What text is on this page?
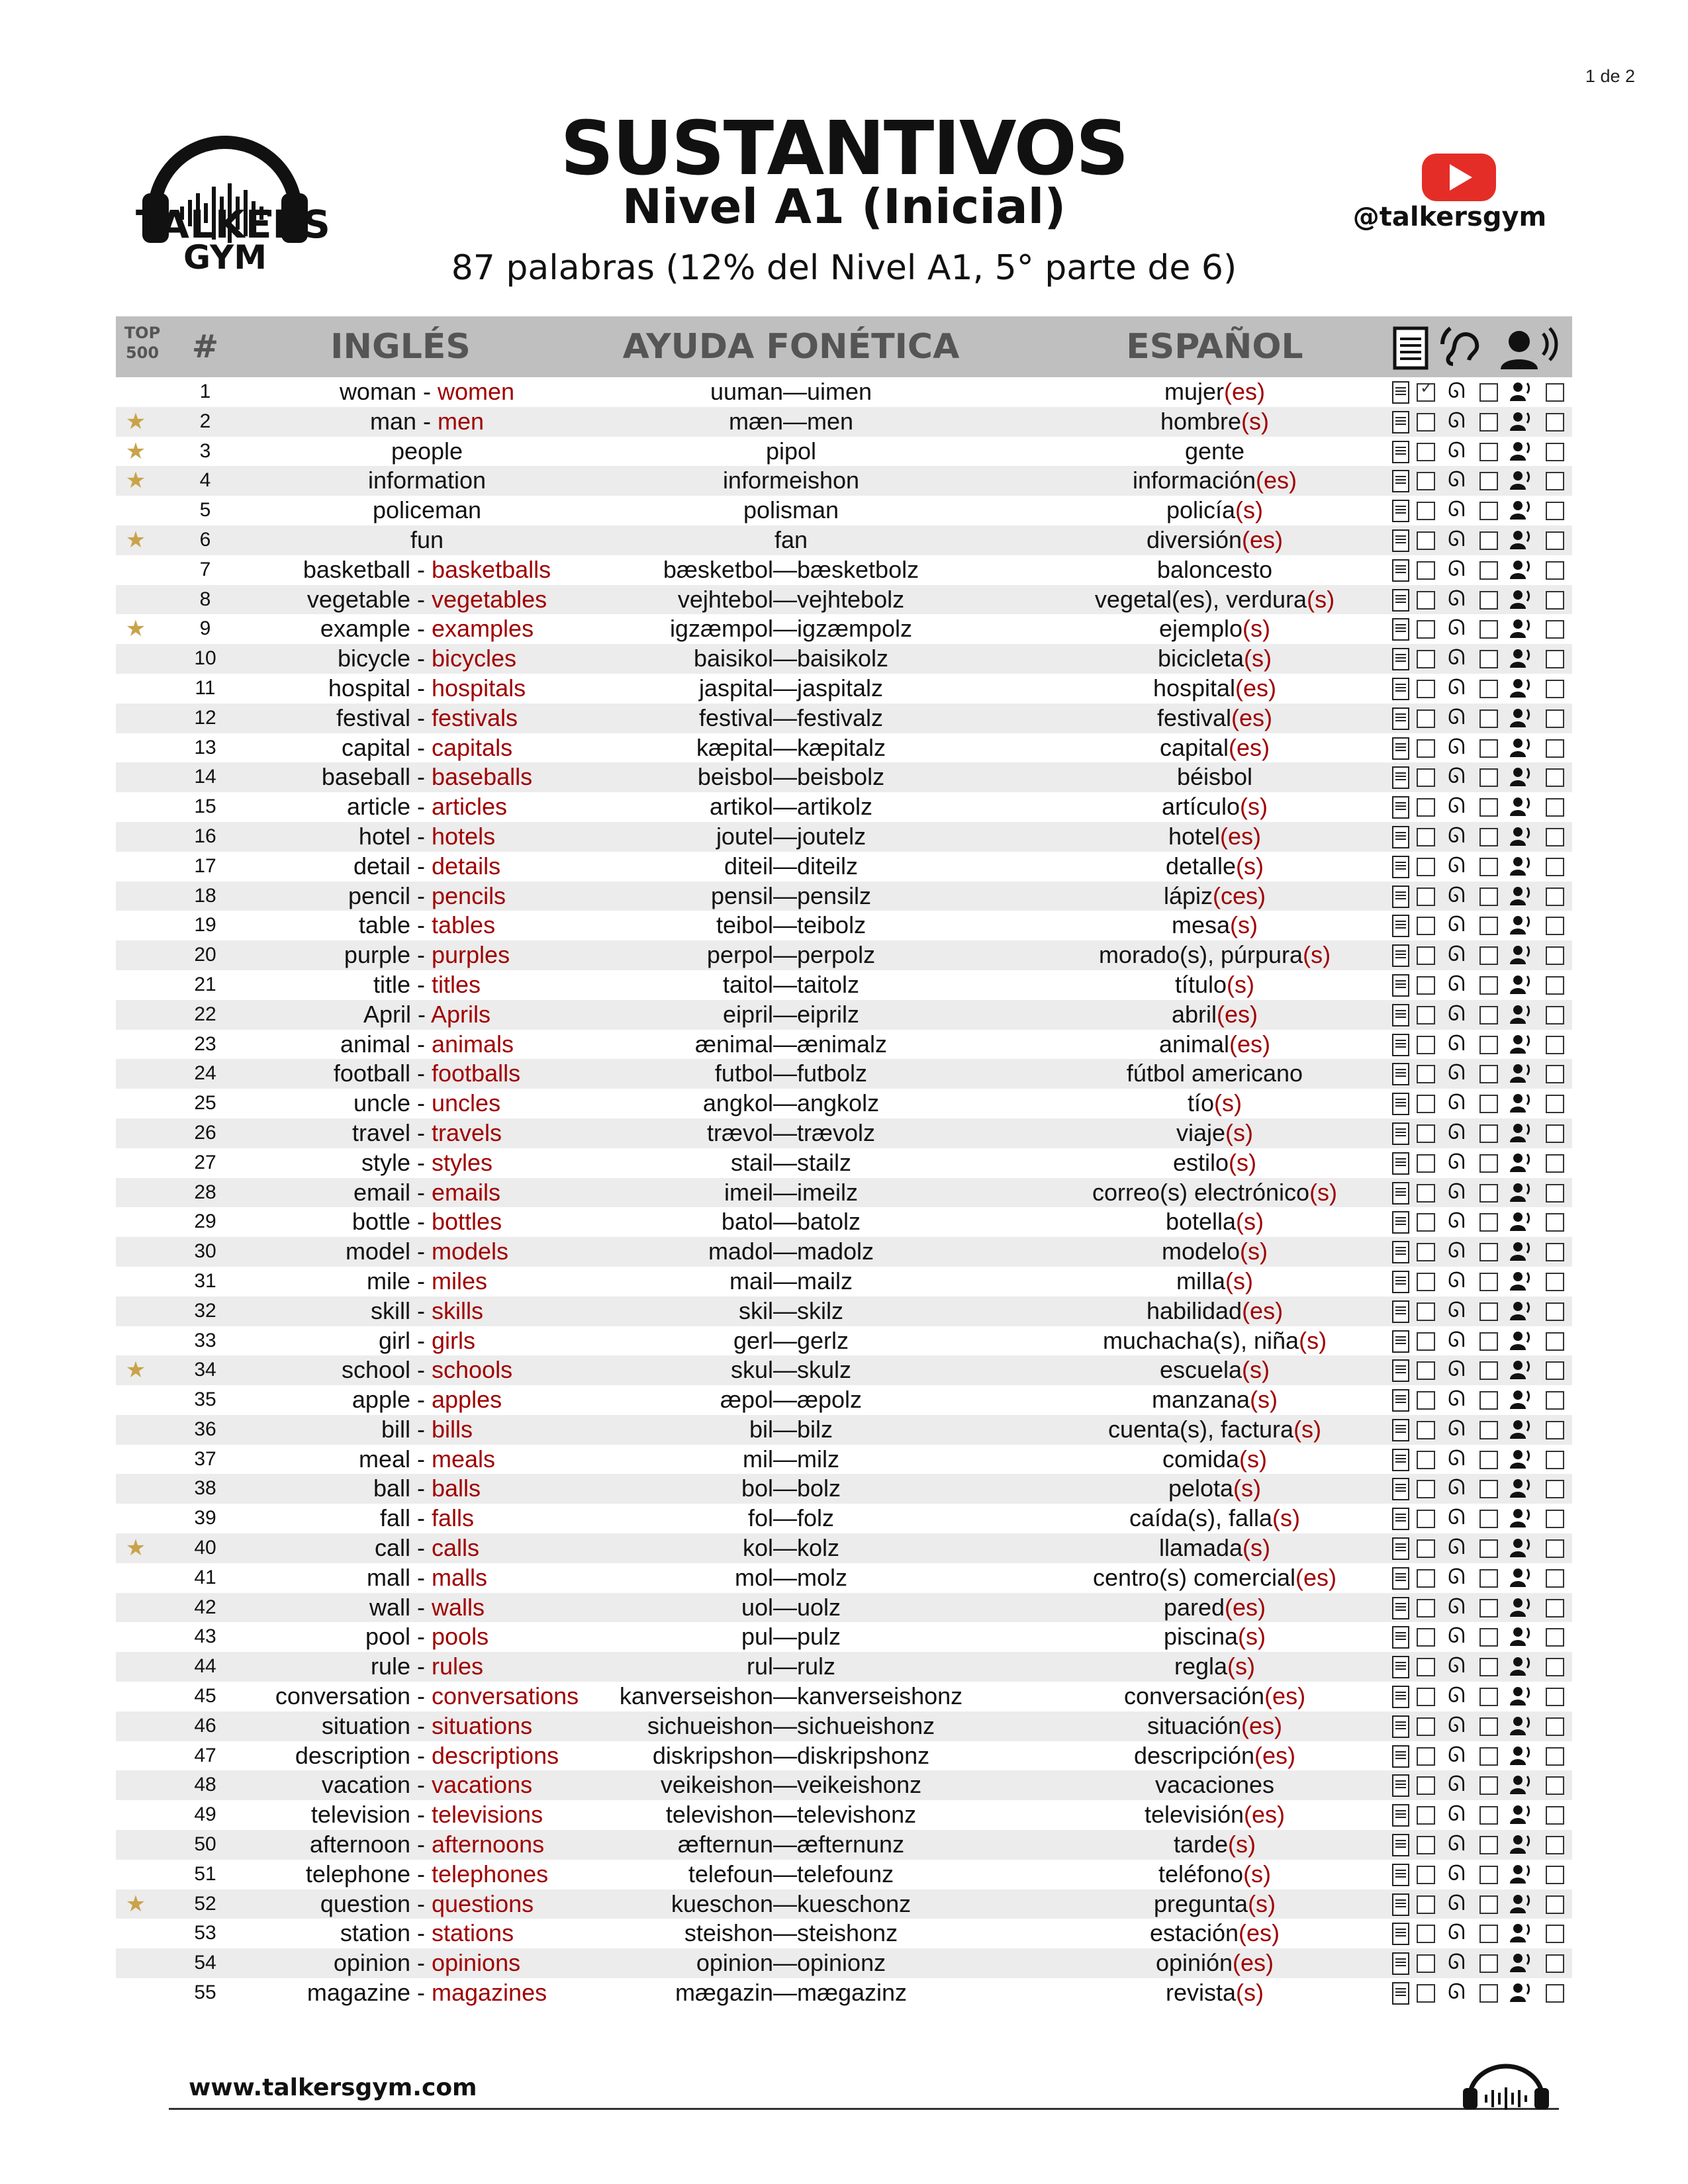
1 de 2
TALKERS
GYM
SUSTANTIVOS
Nivel A1 (Inicial)
87 palabras (12% del Nivel A1, 5° parte de 6)
@talkersgym
TOP 500	#	INGLÉS	AYUDA FONÉTICA	ESPAÑOL
1	woman - women	uuman—uimen	mujer(es)	✓ ᘏ
★	2	man - men	mæn—men	hombre(s)	ᘏ
★	3	people	pipol	gente	ᘏ
★	4	information	informeishon	información(es)	ᘏ
5	policeman	polisman	policía(s)	ᘏ
★	6	fun	fan	diversión(es)	ᘏ
7	basketball - basketballs	bæsketbol—bæsketbolz	baloncesto	ᘏ
8	vegetable - vegetables	vejhtebol—vejhtebolz	vegetal(es), verdura(s)	ᘏ
★	9	example - examples	igzæmpol—igzæmpolz	ejemplo(s)	ᘏ
10	bicycle - bicycles	baisikol—baisikolz	bicicleta(s)	ᘏ
11	hospital - hospitals	jaspital—jaspitalz	hospital(es)	ᘏ
12	festival - festivals	festival—festivalz	festival(es)	ᘏ
13	capital - capitals	kæpital—kæpitalz	capital(es)	ᘏ
14	baseball - baseballs	beisbol—beisbolz	béisbol	ᘏ
15	article - articles	artikol—artikolz	artículo(s)	ᘏ
16	hotel - hotels	joutel—joutelz	hotel(es)	ᘏ
17	detail - details	diteil—diteilz	detalle(s)	ᘏ
18	pencil - pencils	pensil—pensilz	lápiz(ces)	ᘏ
19	table - tables	teibol—teibolz	mesa(s)	ᘏ
20	purple - purples	perpol—perpolz	morado(s), púrpura(s)	ᘏ
21	title - titles	taitol—taitolz	título(s)	ᘏ
22	April - Aprils	eipril—eiprilz	abril(es)	ᘏ
23	animal - animals	ænimal—ænimalz	animal(es)	ᘏ
24	football - footballs	futbol—futbolz	fútbol americano	ᘏ
25	uncle - uncles	angkol—angkolz	tío(s)	ᘏ
26	travel - travels	trævol—trævolz	viaje(s)	ᘏ
27	style - styles	stail—stailz	estilo(s)	ᘏ
28	email - emails	imeil—imeilz	correo(s) electrónico(s)	ᘏ
29	bottle - bottles	batol—batolz	botella(s)	ᘏ
30	model - models	madol—madolz	modelo(s)	ᘏ
31	mile - miles	mail—mailz	milla(s)	ᘏ
32	skill - skills	skil—skilz	habilidad(es)	ᘏ
33	girl - girls	gerl—gerlz	muchacha(s), niña(s)	ᘏ
★	34	school - schools	skul—skulz	escuela(s)	ᘏ
35	apple - apples	æpol—æpolz	manzana(s)	ᘏ
36	bill - bills	bil—bilz	cuenta(s), factura(s)	ᘏ
37	meal - meals	mil—milz	comida(s)	ᘏ
38	ball - balls	bol—bolz	pelota(s)	ᘏ
39	fall - falls	fol—folz	caída(s), falla(s)	ᘏ
★	40	call - calls	kol—kolz	llamada(s)	ᘏ
41	mall - malls	mol—molz	centro(s) comercial(es)	ᘏ
42	wall - walls	uol—uolz	pared(es)	ᘏ
43	pool - pools	pul—pulz	piscina(s)	ᘏ
44	rule - rules	rul—rulz	regla(s)	ᘏ
45	conversation - conversations	kanverseishon—kanverseishonz	conversación(es)	ᘏ
46	situation - situations	sichueishon—sichueishonz	situación(es)	ᘏ
47	description - descriptions	diskripshon—diskripshonz	descripción(es)	ᘏ
48	vacation - vacations	veikeishon—veikeishonz	vacaciones	ᘏ
49	television - televisions	televishon—televishonz	televisión(es)	ᘏ
50	afternoon - afternoons	æfternun—æfternunz	tarde(s)	ᘏ
51	telephone - telephones	telefoun—telefounz	teléfono(s)	ᘏ
★	52	question - questions	kueschon—kueschonz	pregunta(s)	ᘏ
53	station - stations	steishon—steishonz	estación(es)	ᘏ
54	opinion - opinions	opinion—opinionz	opinión(es)	ᘏ
55	magazine - magazines	mægazin—mægazinz	revista(s)	ᘏ
www.talkersgym.com
